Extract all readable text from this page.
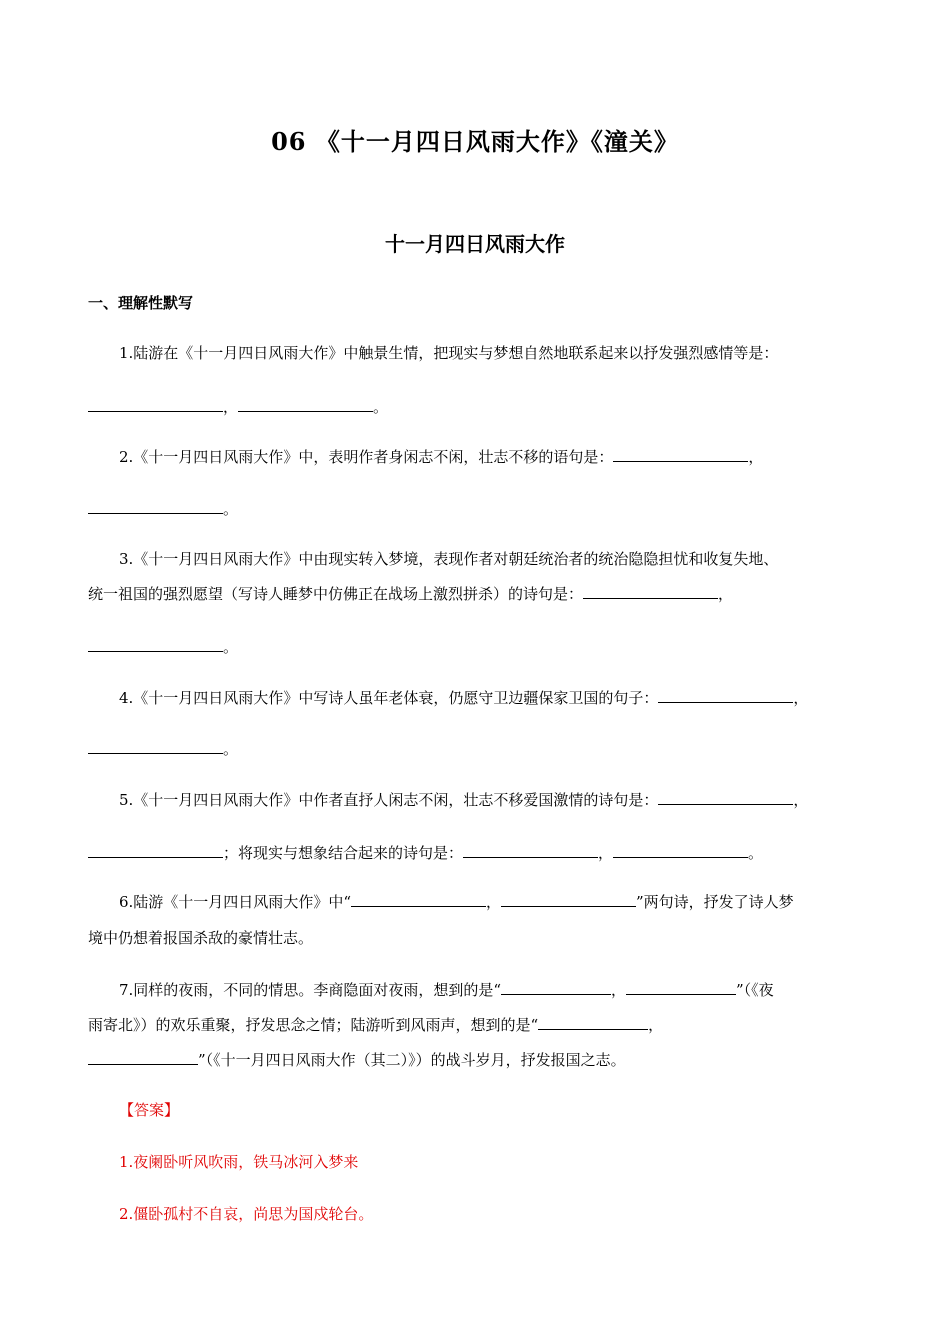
06 《十一月四日风雨大作》《潼关》
十一月四日风雨大作
一、理解性默写
1.陆游在《十一月四日风雨大作》中触景生情，把现实与梦想自然地联系起来以抒发强烈感情等是：
，	。
2.《十一月四日风雨大作》中，表明作者身闲志不闲，壮志不移的语句是：	，
。
3.《十一月四日风雨大作》中由现实转入梦境，表现作者对朝廷统治者的统治隐隐担忧和收复失地、
统一祖国的强烈愿望（写诗人睡梦中仿佛正在战场上激烈拼杀）的诗句是：	，
。
4.《十一月四日风雨大作》中写诗人虽年老体衰，仍愿守卫边疆保家卫国的句子：	，
。
5.《十一月四日风雨大作》中作者直抒人闲志不闲，壮志不移爱国激情的诗句是：	，
；将现实与想象结合起来的诗句是：	，	。
6.陆游《十一月四日风雨大作》中“	，	”两句诗，抒发了诗人梦
境中仍想着报国杀敌的豪情壮志。
7.同样的夜雨，不同的情思。李商隐面对夜雨，想到的是“	，	”（《夜
雨寄北》）的欢乐重聚，抒发思念之情；陆游听到风雨声，想到的是“	，
”（《十一月四日风雨大作（其二）》）的战斗岁月，抒发报国之志。
【答案】
1.夜阑卧听风吹雨，铁马冰河入梦来
2.僵卧孤村不自哀，尚思为国戍轮台。
